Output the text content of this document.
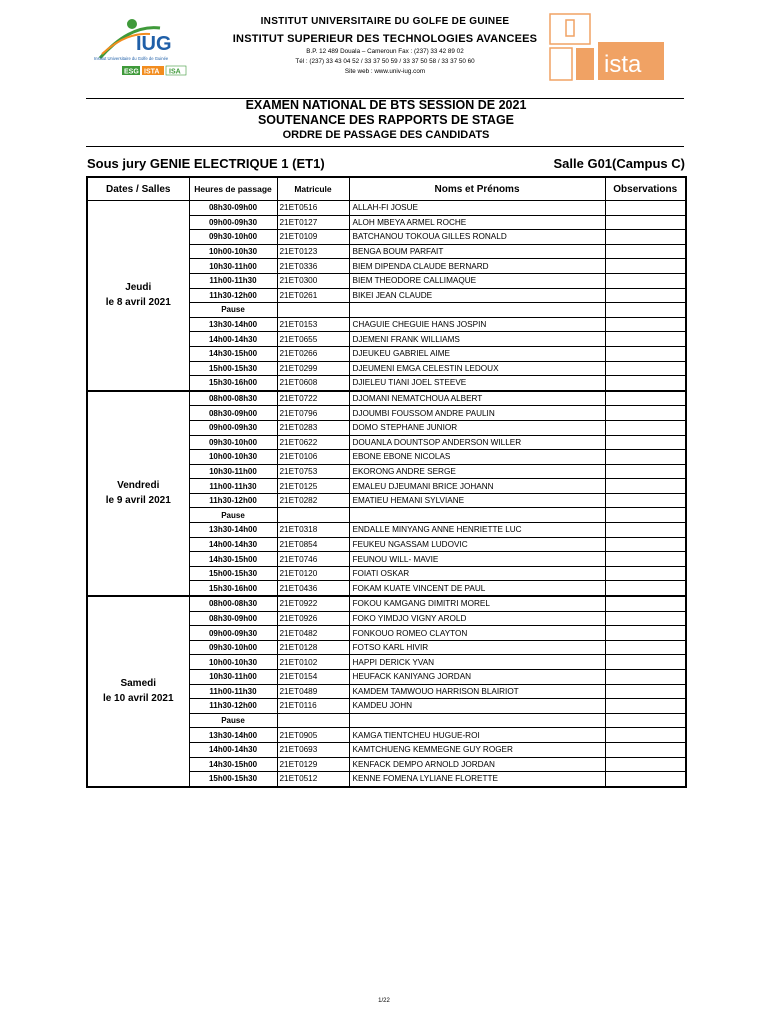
IUG
Institut Universitaire du Golfe de Guinée
ESG ISTA ISA	ista
INSTITUT UNIVERSITAIRE DU GOLFE DE GUINEE
INSTITUT SUPERIEUR DES TECHNOLOGIES AVANCEES
B.P. 12 489 Douala – Cameroun Fax : (237) 33 42 89 02
Tél : (237) 33 43 04 52 / 33 37 50 59 / 33 37 50 58 / 33 37 50 60
Site web : www.univ-iug.com
EXAMEN NATIONAL DE BTS SESSION DE 2021
SOUTENANCE DES RAPPORTS DE STAGE
ORDRE DE PASSAGE DES CANDIDATS
Sous jury GENIE ELECTRIQUE 1 (ET1)	Salle G01(Campus C)
Dates / Salles	Heures de passage	Matricule	Noms et Prénoms	Observations

Jeudi
le 8 avril 2021	08h30-09h00	21ET0516	ALLAH-FI JOSUE	
	09h00-09h30	21ET0127	ALOH MBEYA ARMEL ROCHE	
	09h30-10h00	21ET0109	BATCHANOU TOKOUA GILLES RONALD	
	10h00-10h30	21ET0123	BENGA BOUM PARFAIT	
	10h30-11h00	21ET0336	BIEM DIPENDA CLAUDE BERNARD	
	11h00-11h30	21ET0300	BIEM THEODORE CALLIMAQUE	
	11h30-12h00	21ET0261	BIKEI JEAN CLAUDE	
	Pause			
	13h30-14h00	21ET0153	CHAGUIE CHEGUIE HANS JOSPIN	
	14h00-14h30	21ET0655	DJEMENI FRANK WILLIAMS	
	14h30-15h00	21ET0266	DJEUKEU GABRIEL AIME	
	15h00-15h30	21ET0299	DJEUMENI EMGA CELESTIN LEDOUX	
	15h30-16h00	21ET0608	DJIELEU TIANI JOEL STEEVE	

Vendredi
le 9 avril 2021	08h00-08h30	21ET0722	DJOMANI NEMATCHOUA ALBERT	
	08h30-09h00	21ET0796	DJOUMBI FOUSSOM ANDRE PAULIN	
	09h00-09h30	21ET0283	DOMO STEPHANE JUNIOR	
	09h30-10h00	21ET0622	DOUANLA DOUNTSOP ANDERSON WILLER	
	10h00-10h30	21ET0106	EBONE EBONE NICOLAS	
	10h30-11h00	21ET0753	EKORONG ANDRE SERGE	
	11h00-11h30	21ET0125	EMALEU DJEUMANI BRICE JOHANN	
	11h30-12h00	21ET0282	EMATIEU HEMANI SYLVIANE	
	Pause			
	13h30-14h00	21ET0318	ENDALLE MINYANG ANNE HENRIETTE LUC	
	14h00-14h30	21ET0854	FEUKEU NGASSAM LUDOVIC	
	14h30-15h00	21ET0746	FEUNOU WILL- MAVIE	
	15h00-15h30	21ET0120	FOIATI OSKAR	
	15h30-16h00	21ET0436	FOKAM KUATE VINCENT DE PAUL	

Samedi
le 10 avril 2021	08h00-08h30	21ET0922	FOKOU KAMGANG DIMITRI MOREL	
	08h30-09h00	21ET0926	FOKO YIMDJO VIGNY AROLD	
	09h00-09h30	21ET0482	FONKOUO ROMEO CLAYTON	
	09h30-10h00	21ET0128	FOTSO KARL HIVIR	
	10h00-10h30	21ET0102	HAPPI DERICK YVAN	
	10h30-11h00	21ET0154	HEUFACK KANIYANG JORDAN	
	11h00-11h30	21ET0489	KAMDEM TAMWOUO HARRISON BLAIRIOT	
	11h30-12h00	21ET0116	KAMDEU JOHN	
	Pause			
	13h30-14h00	21ET0905	KAMGA TIENTCHEU HUGUE-ROI	
	14h00-14h30	21ET0693	KAMTCHUENG KEMMEGNE GUY ROGER	
	14h30-15h00	21ET0129	KENFACK DEMPO ARNOLD JORDAN	
	15h00-15h30	21ET0512	KENNE FOMENA LYLIANE FLORETTE	
1/22
